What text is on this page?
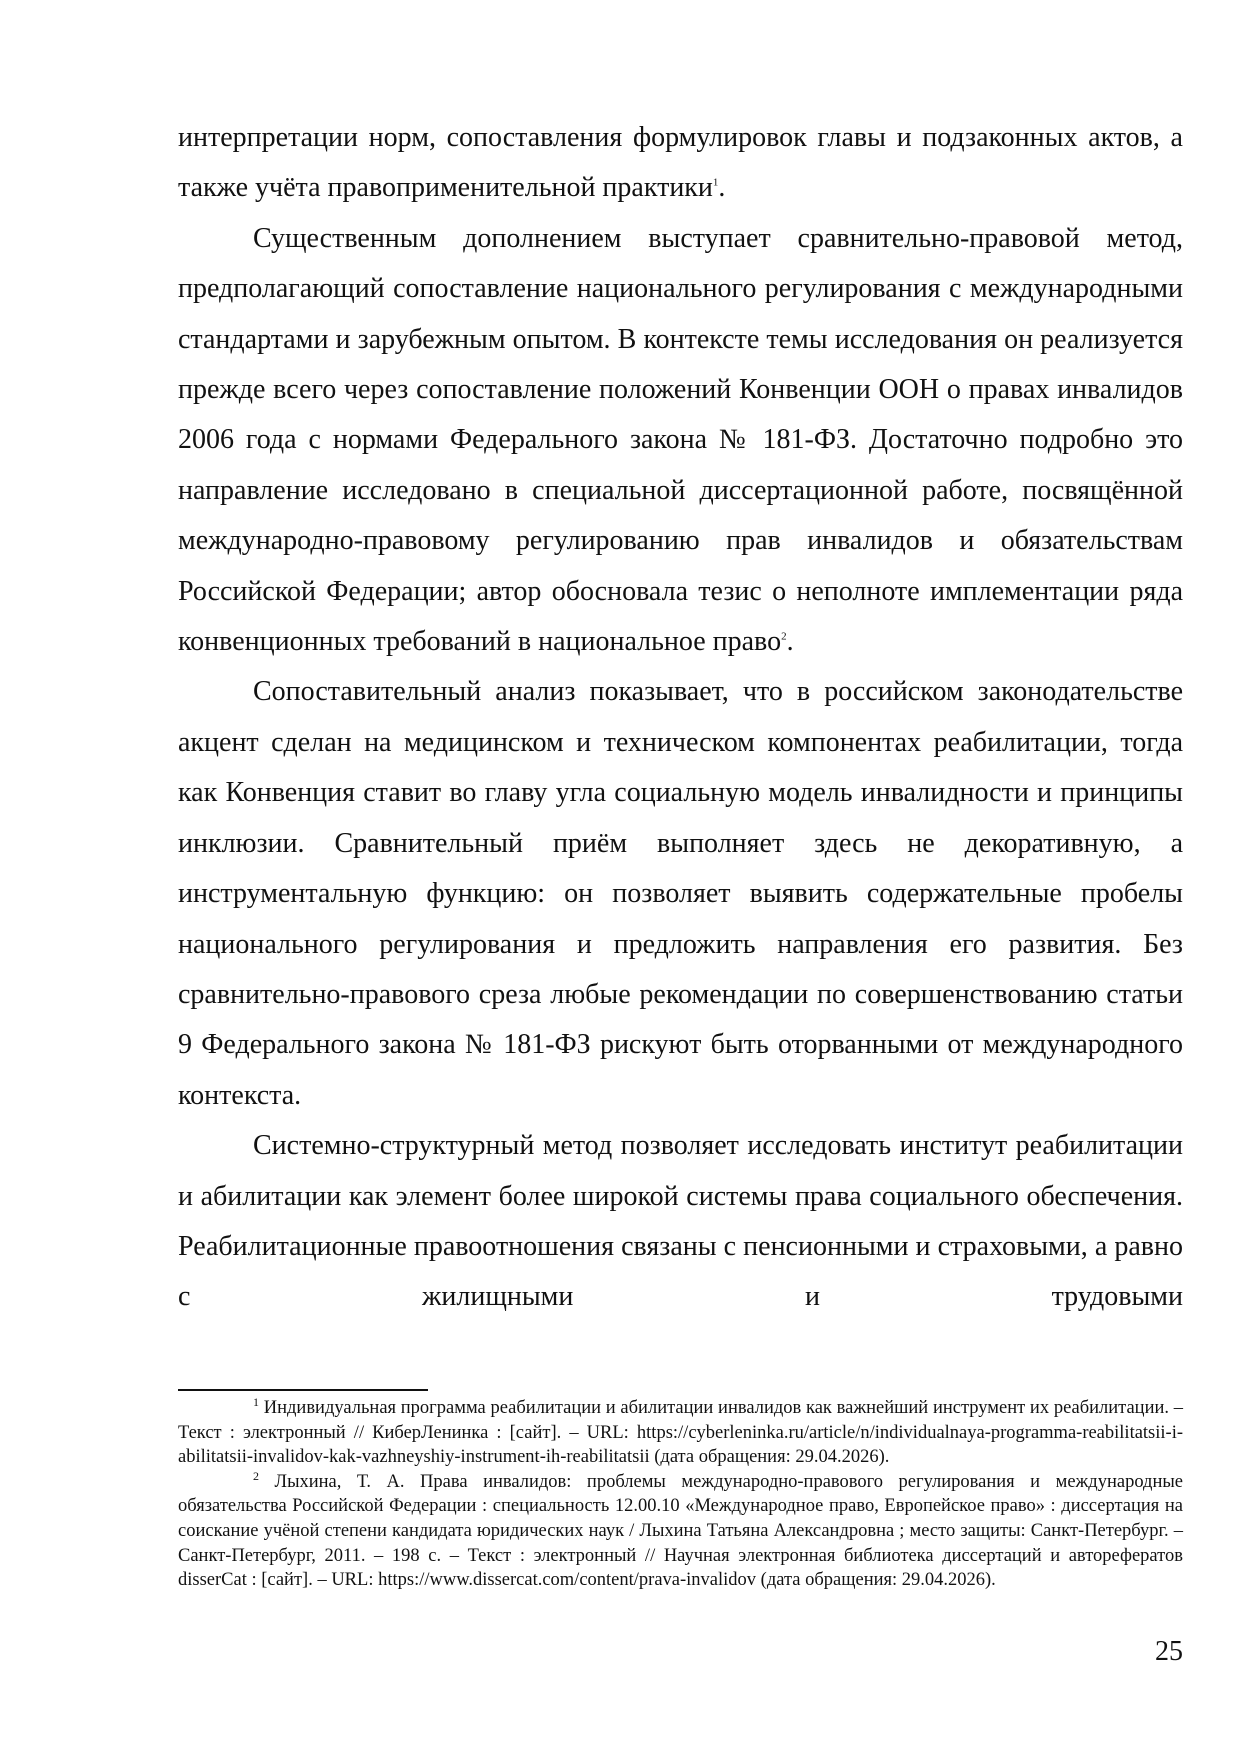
интерпретации норм, сопоставления формулировок главы и подзаконных актов, а также учёта правоприменительной практики$^1$.

Существенным дополнением выступает сравнительно-правовой метод, предполагающий сопоставление национального регулирования с международными стандартами и зарубежным опытом. В контексте темы исследования он реализуется прежде всего через сопоставление положений Конвенции ООН о правах инвалидов 2006 года с нормами Федерального закона № 181-ФЗ. Достаточно подробно это направление исследовано в специальной диссертационной работе, посвящённой международно-правовому регулированию прав инвалидов и обязательствам Российской Федерации; автор обосновала тезис о неполноте имплементации ряда конвенционных требований в национальное право$^2$.

Сопоставительный анализ показывает, что в российском законодательстве акцент сделан на медицинском и техническом компонентах реабилитации, тогда как Конвенция ставит во главу угла социальную модель инвалидности и принципы инклюзии. Сравнительный приём выполняет здесь не декоративную, а инструментальную функцию: он позволяет выявить содержательные пробелы национального регулирования и предложить направления его развития. Без сравнительно-правового среза любые рекомендации по совершенствованию статьи 9 Федерального закона № 181-ФЗ рискуют быть оторванными от международного контекста.

Системно-структурный метод позволяет исследовать институт реабилитации и абилитации как элемент более широкой системы права социального обеспечения. Реабилитационные правоотношения связаны с пенсионными и страховыми, а равно с жилищными и трудовыми

$^1$ Индивидуальная программа реабилитации и абилитации инвалидов как важнейший инструмент их реабилитации. – Текст : электронный // КиберЛенинка : [сайт]. – URL: https://cyberleninka.ru/article/n/individualnaya-programma-reabilitatsii-i-abilitatsii-invalidov-kak-vazhneyshiy-instrument-ih-reabilitatsii (дата обращения: 29.04.2026).

$^2$ Лыхина, Т. А. Права инвалидов: проблемы международно-правового регулирования и международные обязательства Российской Федерации : специальность 12.00.10 «Международное право, Европейское право» : диссертация на соискание учёной степени кандидата юридических наук / Лыхина Татьяна Александровна ; место защиты: Санкт-Петербург. – Санкт-Петербург, 2011. – 198 с. – Текст : электронный // Научная электронная библиотека диссертаций и авторефератов disserCat : [сайт]. – URL: https://www.dissercat.com/content/prava-invalidov (дата обращения: 29.04.2026).

25
